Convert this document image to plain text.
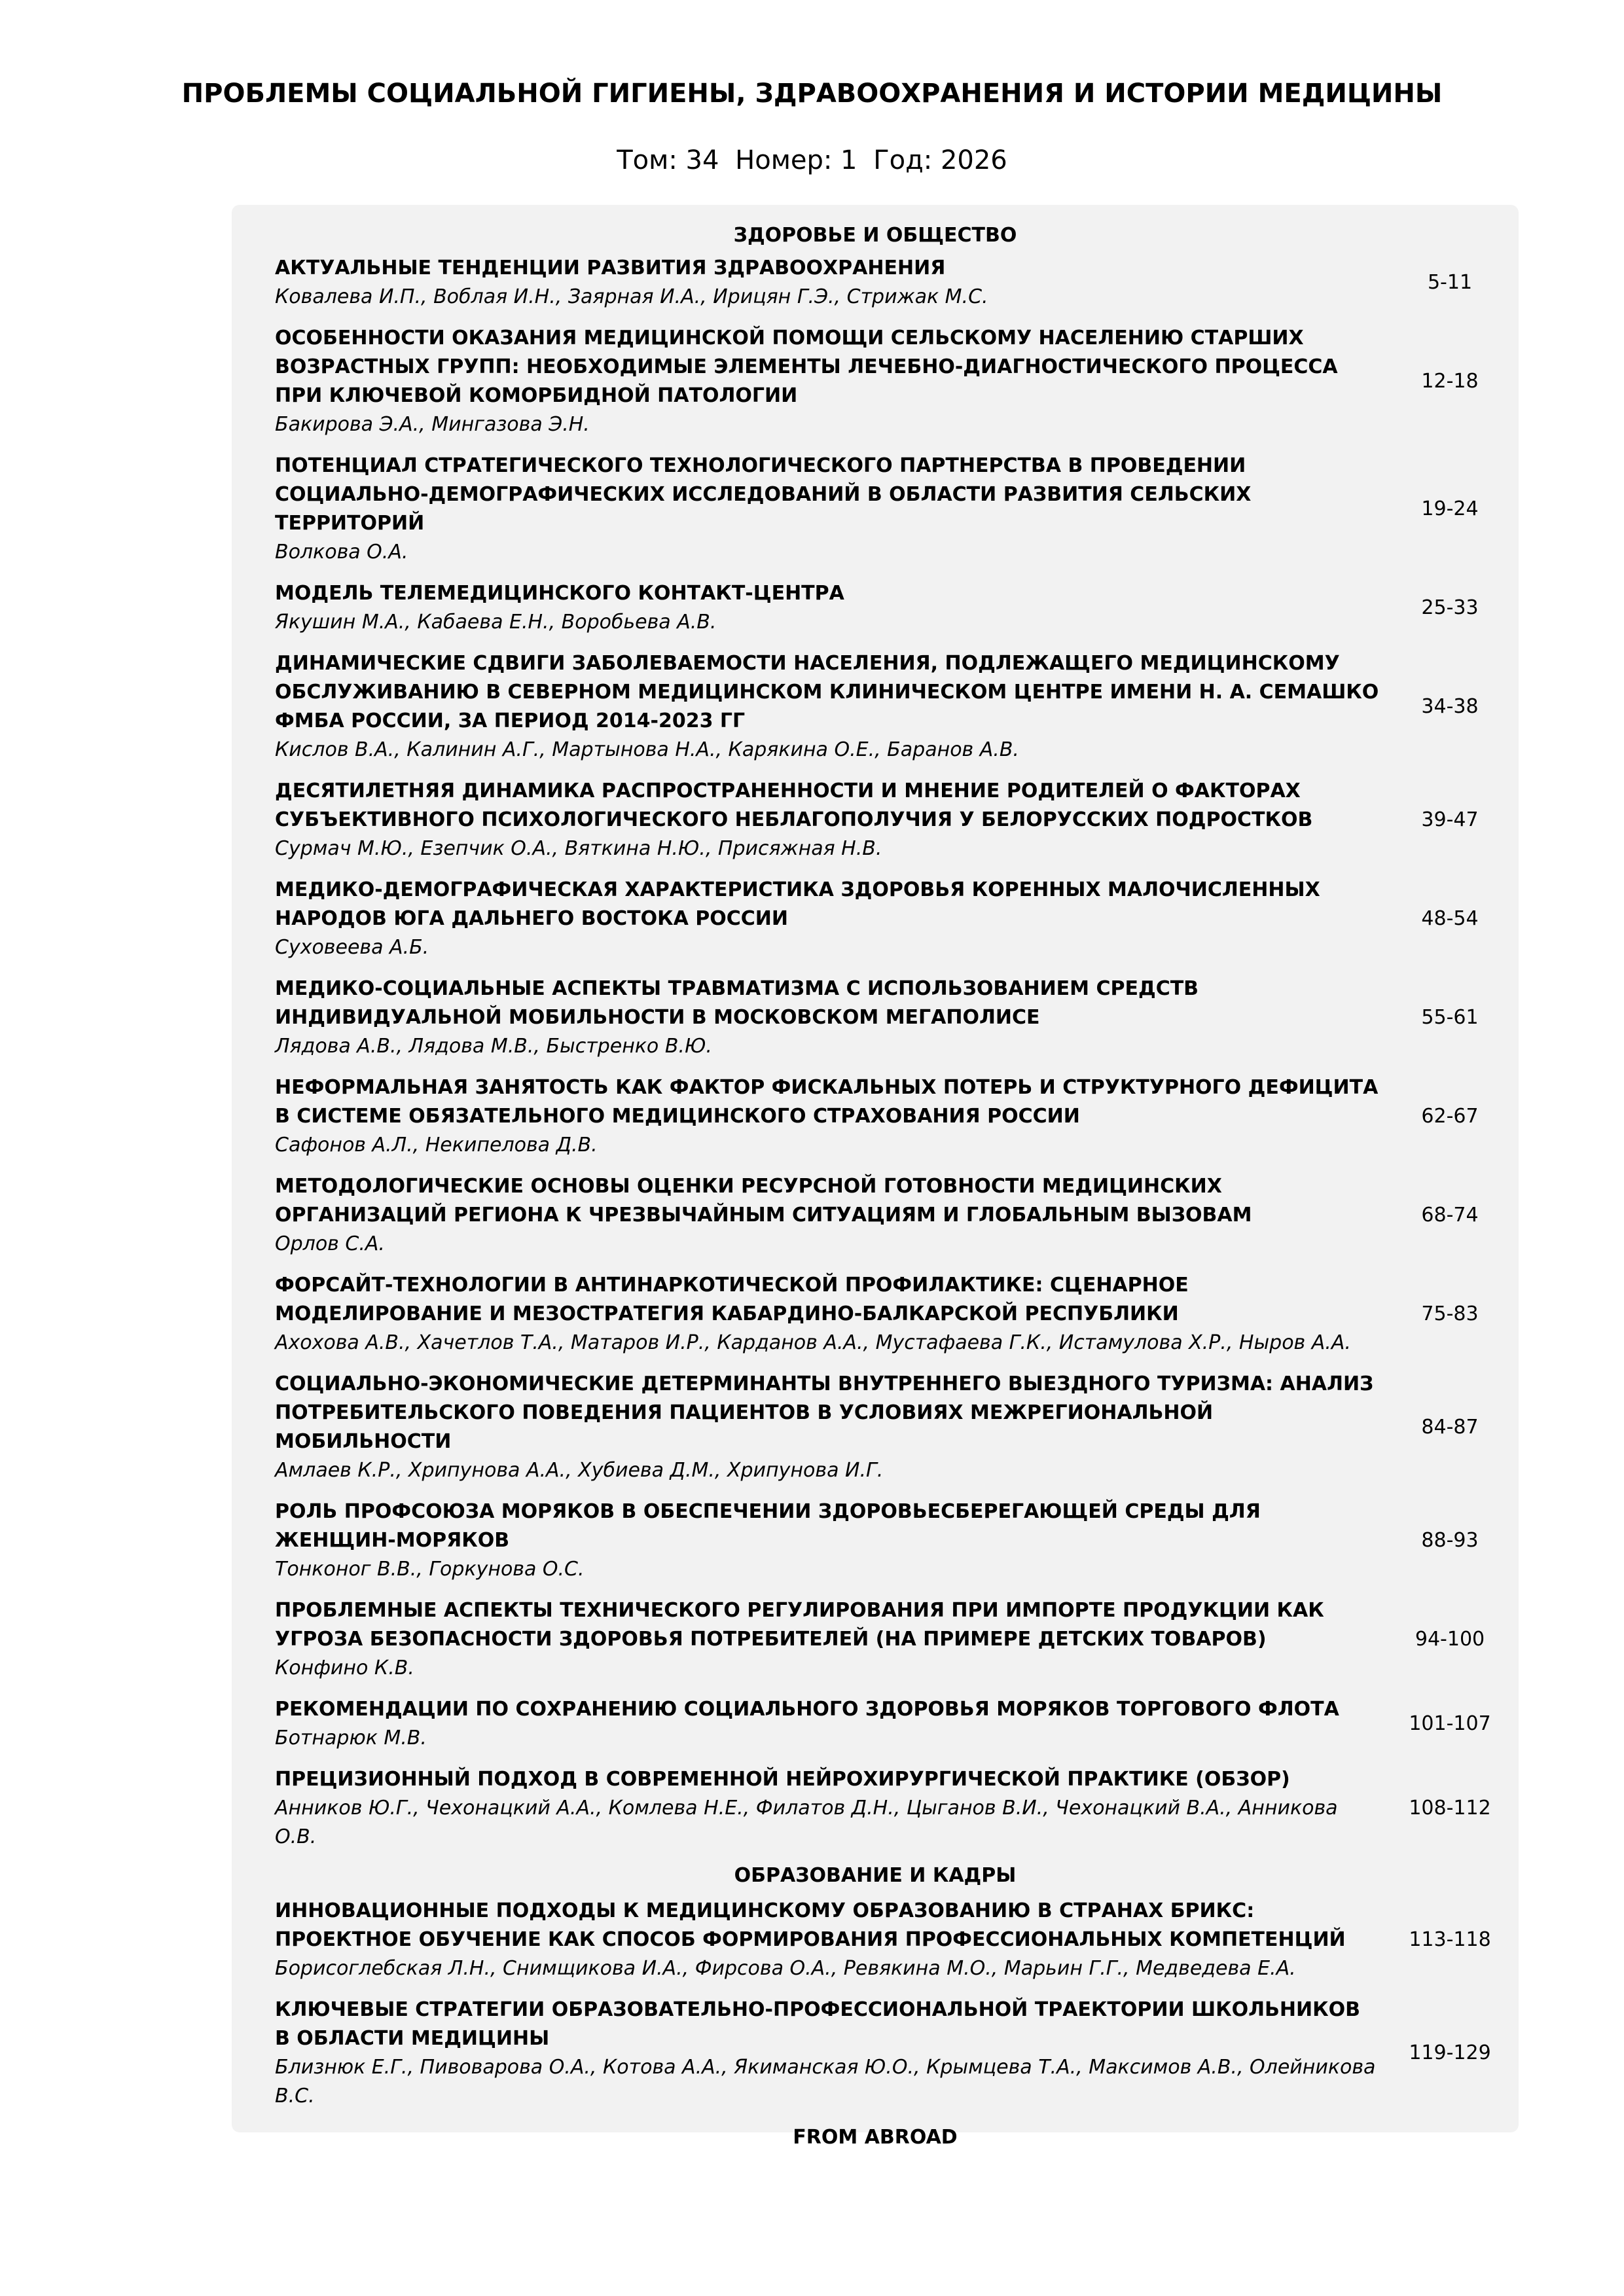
ПРОБЛЕМЫ СОЦИАЛЬНОЙ ГИГИЕНЫ, ЗДРАВООХРАНЕНИЯ И ИСТОРИИ МЕДИЦИНЫ
Том: 34 Номер: 1 Год: 2026
ЗДОРОВЬЕ И ОБЩЕСТВО
АКТУАЛЬНЫЕ ТЕНДЕНЦИИ РАЗВИТИЯ ЗДРАВООХРАНЕНИЯ
Ковалева И.П., Воблая И.Н., Заярная И.А., Ирицян Г.Э., Стрижак М.С.
5-11
ОСОБЕННОСТИ ОКАЗАНИЯ МЕДИЦИНСКОЙ ПОМОЩИ СЕЛЬСКОМУ НАСЕЛЕНИЮ СТАРШИХ ВОЗРАСТНЫХ ГРУПП: НЕОБХОДИМЫЕ ЭЛЕМЕНТЫ ЛЕЧЕБНО-ДИАГНОСТИЧЕСКОГО ПРОЦЕССА ПРИ КЛЮЧЕВОЙ КОМОРБИДНОЙ ПАТОЛОГИИ
Бакирова Э.А., Мингазова Э.Н.
12-18
ПОТЕНЦИАЛ СТРАТЕГИЧЕСКОГО ТЕХНОЛОГИЧЕСКОГО ПАРТНЕРСТВА В ПРОВЕДЕНИИ СОЦИАЛЬНО-ДЕМОГРАФИЧЕСКИХ ИССЛЕДОВАНИЙ В ОБЛАСТИ РАЗВИТИЯ СЕЛЬСКИХ ТЕРРИТОРИЙ
Волкова О.А.
19-24
МОДЕЛЬ ТЕЛЕМЕДИЦИНСКОГО КОНТАКТ-ЦЕНТРА
Якушин М.А., Кабаева Е.Н., Воробьева А.В.
25-33
ДИНАМИЧЕСКИЕ СДВИГИ ЗАБОЛЕВАЕМОСТИ НАСЕЛЕНИЯ, ПОДЛЕЖАЩЕГО МЕДИЦИНСКОМУ ОБСЛУЖИВАНИЮ В СЕВЕРНОМ МЕДИЦИНСКОМ КЛИНИЧЕСКОМ ЦЕНТРЕ ИМЕНИ Н. А. СЕМАШКО ФМБА РОССИИ, ЗА ПЕРИОД 2014-2023 ГГ
Кислов В.А., Калинин А.Г., Мартынова Н.А., Карякина О.Е., Баранов А.В.
34-38
ДЕСЯТИЛЕТНЯЯ ДИНАМИКА РАСПРОСТРАНЕННОСТИ И МНЕНИЕ РОДИТЕЛЕЙ О ФАКТОРАХ СУБЪЕКТИВНОГО ПСИХОЛОГИЧЕСКОГО НЕБЛАГОПОЛУЧИЯ У БЕЛОРУССКИХ ПОДРОСТКОВ
Сурмач М.Ю., Езепчик О.А., Вяткина Н.Ю., Присяжная Н.В.
39-47
МЕДИКО-ДЕМОГРАФИЧЕСКАЯ ХАРАКТЕРИСТИКА ЗДОРОВЬЯ КОРЕННЫХ МАЛОЧИСЛЕННЫХ НАРОДОВ ЮГА ДАЛЬНЕГО ВОСТОКА РОССИИ
Суховеева А.Б.
48-54
МЕДИКО-СОЦИАЛЬНЫЕ АСПЕКТЫ ТРАВМАТИЗМА С ИСПОЛЬЗОВАНИЕМ СРЕДСТВ ИНДИВИДУАЛЬНОЙ МОБИЛЬНОСТИ В МОСКОВСКОМ МЕГАПОЛИСЕ
Лядова А.В., Лядова М.В., Быстренко В.Ю.
55-61
НЕФОРМАЛЬНАЯ ЗАНЯТОСТЬ КАК ФАКТОР ФИСКАЛЬНЫХ ПОТЕРЬ И СТРУКТУРНОГО ДЕФИЦИТА В СИСТЕМЕ ОБЯЗАТЕЛЬНОГО МЕДИЦИНСКОГО СТРАХОВАНИЯ РОССИИ
Сафонов А.Л., Некипелова Д.В.
62-67
МЕТОДОЛОГИЧЕСКИЕ ОСНОВЫ ОЦЕНКИ РЕСУРСНОЙ ГОТОВНОСТИ МЕДИЦИНСКИХ ОРГАНИЗАЦИЙ РЕГИОНА К ЧРЕЗВЫЧАЙНЫМ СИТУАЦИЯМ И ГЛОБАЛЬНЫМ ВЫЗОВАМ
Орлов С.А.
68-74
ФОРСАЙТ-ТЕХНОЛОГИИ В АНТИНАРКОТИЧЕСКОЙ ПРОФИЛАКТИКЕ: СЦЕНАРНОЕ МОДЕЛИРОВАНИЕ И МЕЗОСТРАТЕГИЯ КАБАРДИНО-БАЛКАРСКОЙ РЕСПУБЛИКИ
Ахохова А.В., Хачетлов Т.А., Матаров И.Р., Карданов А.А., Мустафаева Г.К., Истамулова Х.Р., Ныров А.А.
75-83
СОЦИАЛЬНО-ЭКОНОМИЧЕСКИЕ ДЕТЕРМИНАНТЫ ВНУТРЕННЕГО ВЫЕЗДНОГО ТУРИЗМА: АНАЛИЗ ПОТРЕБИТЕЛЬСКОГО ПОВЕДЕНИЯ ПАЦИЕНТОВ В УСЛОВИЯХ МЕЖРЕГИОНАЛЬНОЙ МОБИЛЬНОСТИ
Амлаев К.Р., Хрипунова А.А., Хубиева Д.М., Хрипунова И.Г.
84-87
РОЛЬ ПРОФСОЮЗА МОРЯКОВ В ОБЕСПЕЧЕНИИ ЗДОРОВЬЕСБЕРЕГАЮЩЕЙ СРЕДЫ ДЛЯ ЖЕНЩИН-МОРЯКОВ
Тонконог В.В., Горкунова О.С.
88-93
ПРОБЛЕМНЫЕ АСПЕКТЫ ТЕХНИЧЕСКОГО РЕГУЛИРОВАНИЯ ПРИ ИМПОРТЕ ПРОДУКЦИИ КАК УГРОЗА БЕЗОПАСНОСТИ ЗДОРОВЬЯ ПОТРЕБИТЕЛЕЙ (НА ПРИМЕРЕ ДЕТСКИХ ТОВАРОВ)
Конфино К.В.
94-100
РЕКОМЕНДАЦИИ ПО СОХРАНЕНИЮ СОЦИАЛЬНОГО ЗДОРОВЬЯ МОРЯКОВ ТОРГОВОГО ФЛОТА
Ботнарюк М.В.
101-107
ПРЕЦИЗИОННЫЙ ПОДХОД В СОВРЕМЕННОЙ НЕЙРОХИРУРГИЧЕСКОЙ ПРАКТИКЕ (ОБЗОР)
Анников Ю.Г., Чехонацкий А.А., Комлева Н.Е., Филатов Д.Н., Цыганов В.И., Чехонацкий В.А., Анникова О.В.
108-112
ОБРАЗОВАНИЕ И КАДРЫ
ИННОВАЦИОННЫЕ ПОДХОДЫ К МЕДИЦИНСКОМУ ОБРАЗОВАНИЮ В СТРАНАХ БРИКС: ПРОЕКТНОЕ ОБУЧЕНИЕ КАК СПОСОБ ФОРМИРОВАНИЯ ПРОФЕССИОНАЛЬНЫХ КОМПЕТЕНЦИЙ
Борисоглебская Л.Н., Снимщикова И.А., Фирсова О.А., Ревякина М.О., Марьин Г.Г., Медведева Е.А.
113-118
КЛЮЧЕВЫЕ СТРАТЕГИИ ОБРАЗОВАТЕЛЬНО-ПРОФЕССИОНАЛЬНОЙ ТРАЕКТОРИИ ШКОЛЬНИКОВ В ОБЛАСТИ МЕДИЦИНЫ
Близнюк Е.Г., Пивоварова О.А., Котова А.А., Якиманская Ю.О., Крымцева Т.А., Максимов А.В., Олейникова В.С.
119-129
FROM ABROAD
